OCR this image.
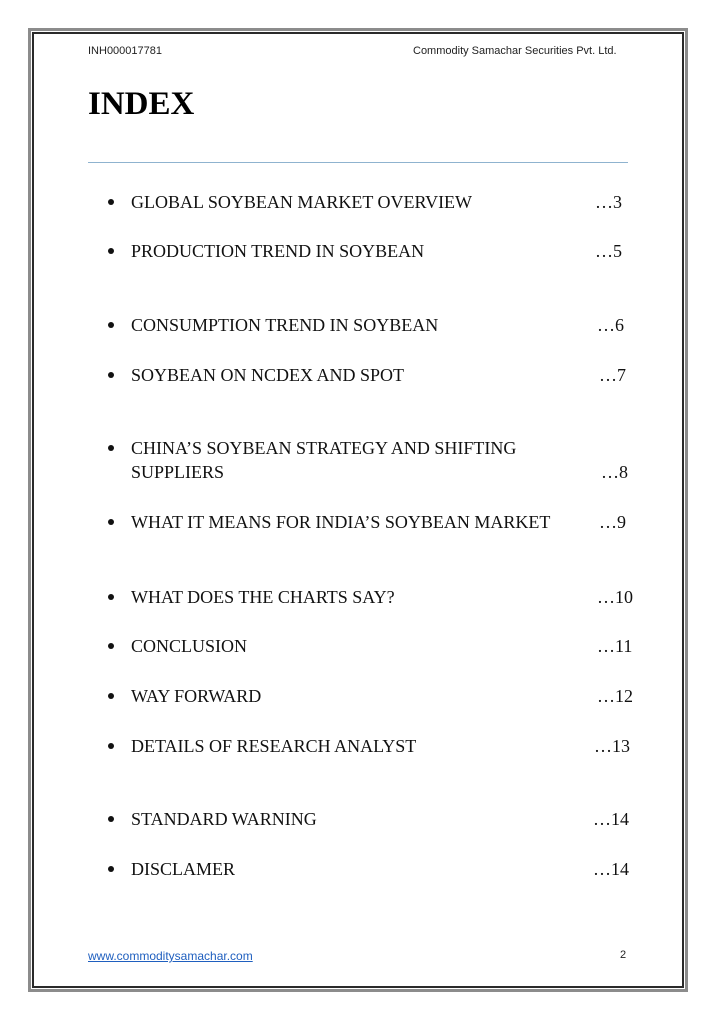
INH000017781	Commodity Samachar Securities Pvt. Ltd.
INDEX
GLOBAL SOYBEAN MARKET OVERVIEW	…3
PRODUCTION TREND IN SOYBEAN	…5
CONSUMPTION TREND IN SOYBEAN	…6
SOYBEAN ON NCDEX AND SPOT	…7
CHINA’S SOYBEAN STRATEGY AND SHIFTING
SUPPLIERS	…8
WHAT IT MEANS FOR INDIA’S SOYBEAN MARKET	…9
WHAT DOES THE CHARTS SAY?	…10
CONCLUSION	…11
WAY FORWARD	…12
DETAILS OF RESEARCH ANALYST	…13
STANDARD WARNING	…14
DISCLAMER	…14
www.commoditysamachar.com	2
